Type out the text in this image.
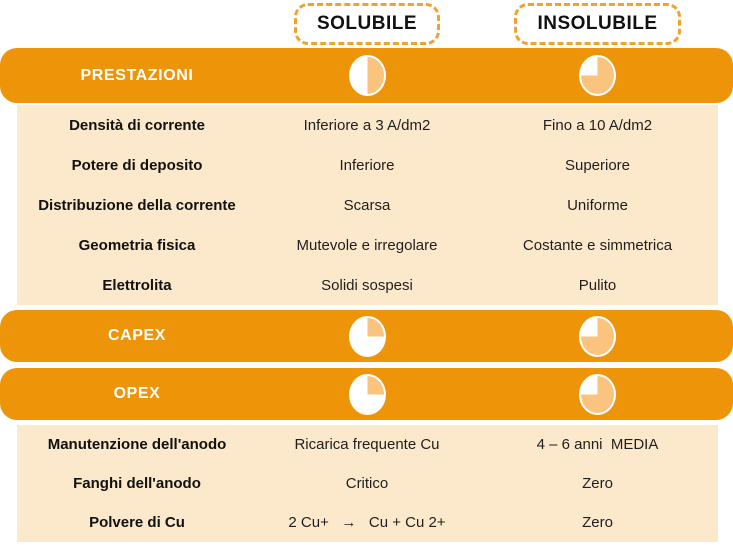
SOLUBILE	INSOLUBILE
PRESTAZIONI
Densità di corrente	Inferiore a 3 A/dm2	Fino a 10 A/dm2
Potere di deposito	Inferiore	Superiore
Distribuzione della corrente	Scarsa	Uniforme
Geometria fisica	Mutevole e irregolare	Costante e simmetrica
Elettrolita	Solidi sospesi	Pulito
CAPEX
OPEX
Manutenzione dell'anodo	Ricarica frequente Cu	4 – 6 anni  MEDIA
Fanghi dell'anodo	Critico	Zero
Polvere di Cu	2 Cu+   →   Cu + Cu 2+	Zero
